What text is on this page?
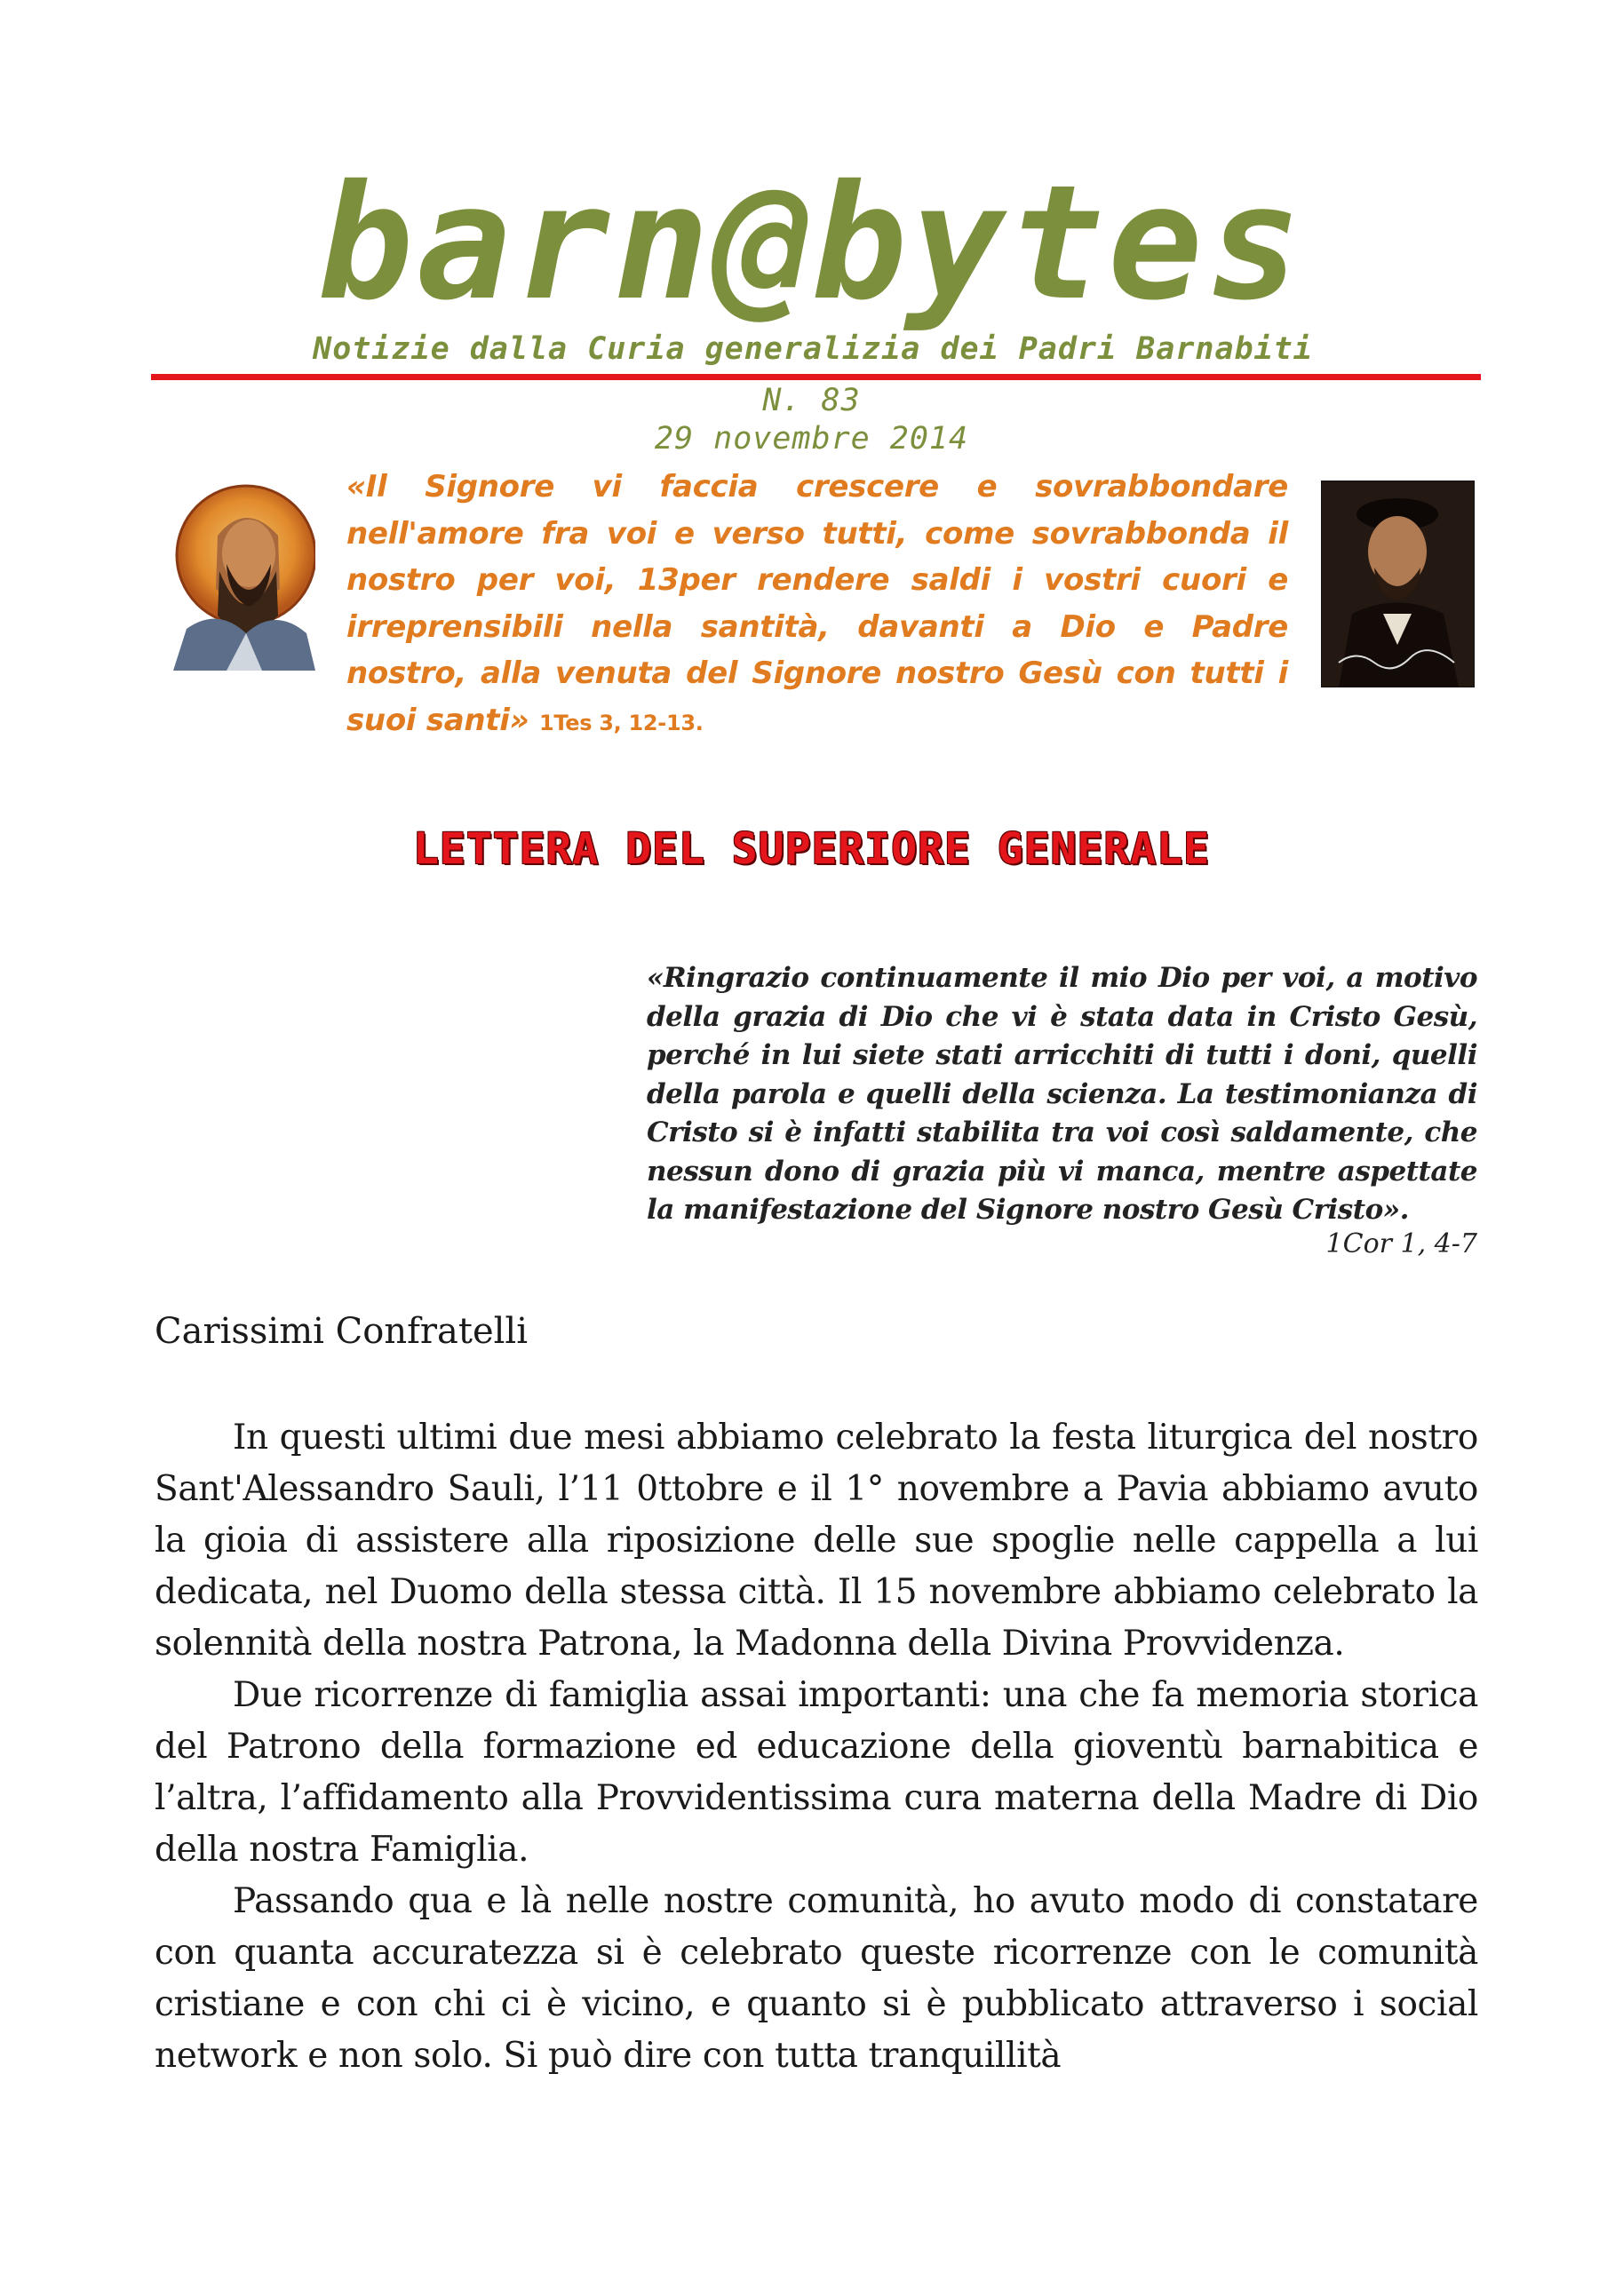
barn@bytes
Notizie dalla Curia generalizia dei Padri Barnabiti
N. 83
29 novembre 2014
«Il Signore vi faccia crescere e sovrabbondare nell'amore fra voi e verso tutti, come sovrabbonda il nostro per voi, 13per rendere saldi i vostri cuori e irreprensibili nella santità, davanti a Dio e Padre nostro, alla venuta del Signore nostro Gesù con tutti i suoi santi» 1Tes 3, 12-13.
LETTERA DEL SUPERIORE GENERALE
«Ringrazio continuamente il mio Dio per voi, a motivo della grazia di Dio che vi è stata data in Cristo Gesù, perché in lui siete stati arricchiti di tutti i doni, quelli della parola e quelli della scienza. La testimonianza di Cristo si è infatti stabilita tra voi così saldamente, che nessun dono di grazia più vi manca, mentre aspettate la manifestazione del Signore nostro Gesù Cristo».
1Cor 1, 4-7
Carissimi Confratelli

In questi ultimi due mesi abbiamo celebrato la festa liturgica del nostro Sant'Alessandro Sauli, l’11 0ttobre e il 1° novembre a Pavia abbiamo avuto la gioia di assistere alla riposizione delle sue spoglie nelle cappella a lui dedicata, nel Duomo della stessa città. Il 15 novembre abbiamo celebrato la solennità della nostra Patrona, la Madonna della Divina Provvidenza.

Due ricorrenze di famiglia assai importanti: una che fa memoria storica del Patrono della formazione ed educazione della gioventù barnabitica e l’altra, l’affidamento alla Provvidentissima cura materna della Madre di Dio della nostra Famiglia.

Passando qua e là nelle nostre comunità, ho avuto modo di constatare con quanta accuratezza si è celebrato queste ricorrenze con le comunità cristiane e con chi ci è vicino, e quanto si è pubblicato attraverso i social network e non solo. Si può dire con tutta tranquillità
